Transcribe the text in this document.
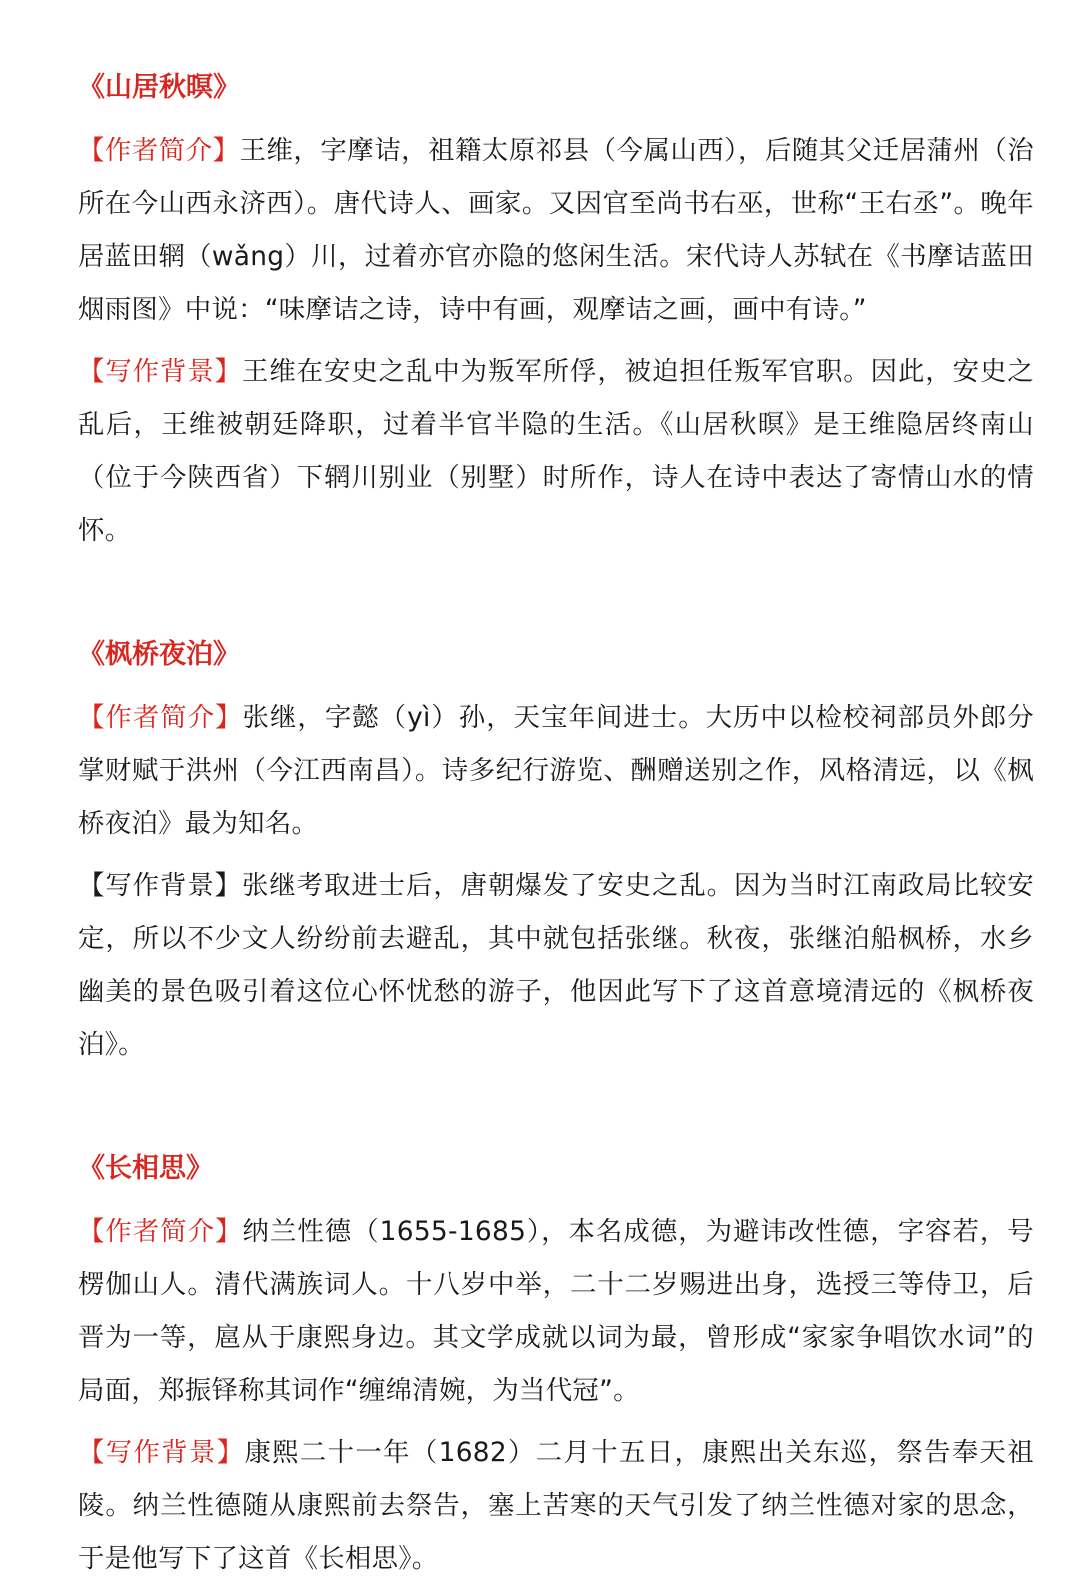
《山居秋暝》

【作者简介】王维，字摩诘，祖籍太原祁县（今属山西），后随其父迁居蒲州（治所在今山西永济西）。唐代诗人、画家。又因官至尚书右巫，世称“王右丞”。晚年居蓝田辋（wǎng）川，过着亦官亦隐的悠闲生活。宋代诗人苏轼在《书摩诘蓝田烟雨图》中说：“味摩诘之诗，诗中有画，观摩诘之画，画中有诗。”

【写作背景】王维在安史之乱中为叛军所俘，被迫担任叛军官职。因此，安史之乱后，王维被朝廷降职，过着半官半隐的生活。《山居秋暝》是王维隐居终南山（位于今陕西省）下辋川别业（别墅）时所作，诗人在诗中表达了寄情山水的情怀。

《枫桥夜泊》

【作者简介】张继，字懿（yì）孙，天宝年间进士。大历中以检校祠部员外郎分掌财赋于洪州（今江西南昌）。诗多纪行游览、酬赠送别之作，风格清远，以《枫桥夜泊》最为知名。

【写作背景】张继考取进士后，唐朝爆发了安史之乱。因为当时江南政局比较安定，所以不少文人纷纷前去避乱，其中就包括张继。秋夜，张继泊船枫桥，水乡幽美的景色吸引着这位心怀忧愁的游子，他因此写下了这首意境清远的《枫桥夜泊》。

《长相思》

【作者简介】纳兰性德（1655-1685），本名成德，为避讳改性德，字容若，号楞伽山人。清代满族词人。十八岁中举，二十二岁赐进出身，选授三等侍卫，后晋为一等，扈从于康熙身边。其文学成就以词为最，曾形成“家家争唱饮水词”的局面，郑振铎称其词作“缠绵清婉，为当代冠”。

【写作背景】康熙二十一年（1682）二月十五日，康熙出关东巡，祭告奉天祖陵。纳兰性德随从康熙前去祭告，塞上苦寒的天气引发了纳兰性德对家的思念，于是他写下了这首《长相思》。
